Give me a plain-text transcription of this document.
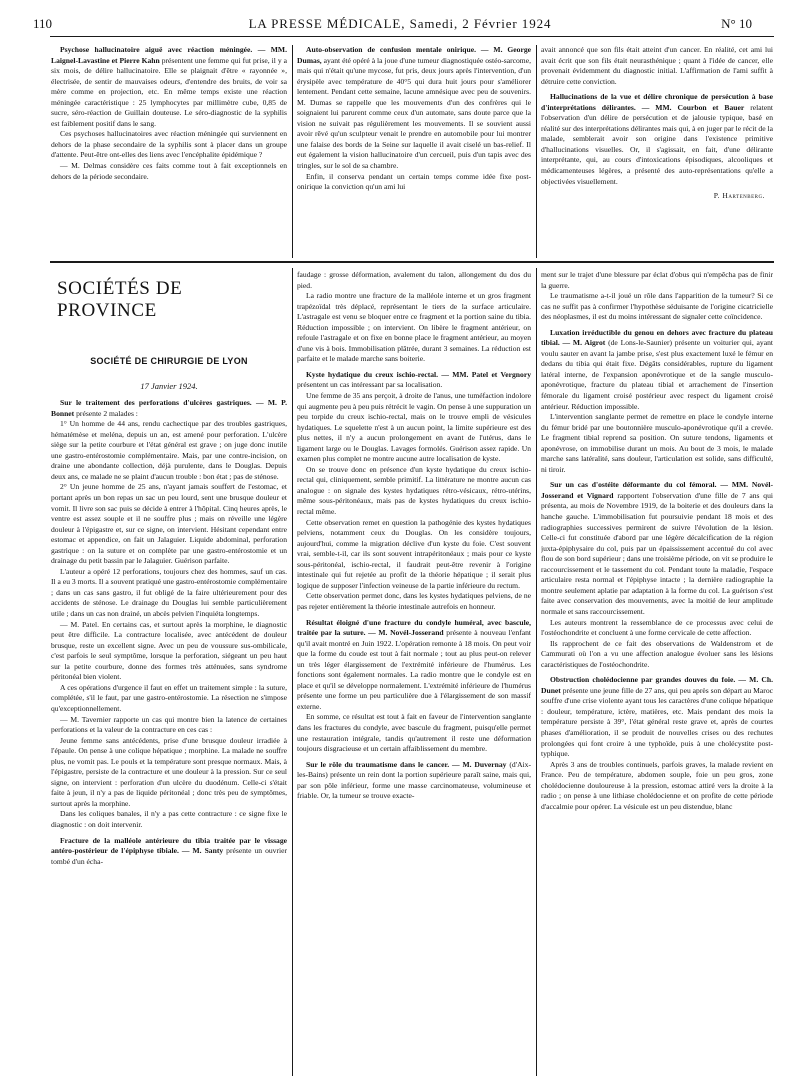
110	LA PRESSE MÉDICALE, Samedi, 2 Février 1924	N° 10

Psychose hallucinatoire aiguë avec réaction méningée. — MM. Laignel-Lavastine et Pierre Kahn présentent une femme qui fut prise, il y a six mois, de délire hallucinatoire. Elle se plaignait d'être « rayonnée », électrisée, de sentir de mauvaises odeurs, d'entendre des bruits, de voir sa mère comme en projection, etc. En même temps existe une réaction méningée caractéristique : 25 lymphocytes par millimètre cube, 0,85 de sucre, séro-réaction de Guillain douteuse. Le séro-diagnostic de la syphilis est faiblement positif dans le sang.

Ces psychoses hallucinatoires avec réaction méningée qui surviennent en dehors de la phase secondaire de la syphilis sont à placer dans un groupe d'attente. Peut-être ont-elles des liens avec l'encéphalite épidémique ?

— M. Delmas considère ces faits comme tout à fait exceptionnels en dehors de la période secondaire.

Auto-observation de confusion mentale onirique. — M. George Dumas, ayant été opéré à la joue d'une tumeur diagnostiquée ostéo-sarcome, mais qui n'était qu'une mycose, fut pris, deux jours après l'intervention, d'un érysipèle avec température de 40°5 qui dura huit jours pour s'améliorer lentement. Pendant cette semaine, lacune amnésique avec peu de souvenirs. M. Dumas se rappelle que les mouvements d'un des confrères qui le soignaient lui parurent comme ceux d'un automate, sans doute parce que la vision ne suivait pas régulièrement les mouvements. Il se souvient aussi avoir rêvé qu'un sculpteur venait le prendre en automobile pour lui montrer une falaise des bords de la Seine sur laquelle il avait ciselé un bas-relief. Il eut également la vision hallucinatoire d'un cercueil, puis d'un tapis avec des tringles, sur le sol de sa chambre.

Enfin, il conserva pendant un certain temps comme idée fixe post-onirique la conviction qu'un ami lui

avait annoncé que son fils était atteint d'un cancer. En réalité, cet ami lui avait écrit que son fils était neurasthénique ; quant à l'idée de cancer, elle provenait évidemment du diagnostic initial. L'affirmation de l'ami suffit à détruire cette conviction.

Hallucinations de la vue et délire chronique de persécution à base d'interprétations délirantes. — MM. Courbon et Bauer relatent l'observation d'un délire de persécution et de jalousie typique, basé en réalité sur des interprétations délirantes mais qui, à en juger par le récit de la malade, semblerait avoir son origine dans l'existence primitive d'hallucinations visuelles. Or, il s'agissait, en fait, d'une délirante interprétante, qui, au cours d'intoxications épisodiques, alcooliques et médicamenteuses légères, a présenté des auto-représentations qu'elle a objectivées visuellement.

P. Hartenberg.
SOCIÉTÉS DE PROVINCE
SOCIÉTÉ DE CHIRURGIE DE LYON
17 Janvier 1924.

Sur le traitement des perforations d'ulcères gastriques. — M. P. Bonnet présente 2 malades :

1° Un homme de 44 ans, rendu cachectique par des troubles gastriques, hématémèse et meléna, depuis un an, est amené pour perforation. L'ulcère siège sur la petite courbure et l'état général est grave ; on juge donc inutile une gastro-entérostomie complémentaire. Mais, par une contre-incision, on draine une abondante collection, déjà purulente, dans le Douglas. Depuis deux ans, ce malade ne se plaint d'aucun trouble : bon état ; pas de sténose.

2° Un jeune homme de 25 ans, n'ayant jamais souffert de l'estomac, et portant après un bon repas un sac un peu lourd, sent une brusque douleur et vomit. Il livre son sac puis se décide à entrer à l'hôpital. Cinq heures après, le ventre est assez souple et il ne souffre plus ; mais on réveille une légère douleur à l'épigastre et, sur ce signe, on intervient. Hésitant cependant entre estomac et appendice, on fait un Jalaguier. Liquide abdominal, perforation gastrique : on la suture et on complète par une gastro-entérostomie et un drainage du petit bassin par le Jalaguier. Guérison parfaite.

L'auteur a opéré 12 perforations, toujours chez des hommes, sauf un cas. Il a eu 3 morts. Il a souvent pratiqué une gastro-entérostomie complémentaire ; dans un cas sans gastro, il fut obligé de la faire ultérieurement pour des accidents de sténose. Le drainage du Douglas lui semble particulièrement utile ; dans un cas non drainé, un abcès pelvien l'inquiéta longtemps.

— M. Patel. En certains cas, et surtout après la morphine, le diagnostic peut être difficile. La contracture localisée, avec antécédent de douleur brusque, reste un excellent signe. Avec un peu de voussure sus-ombilicale, c'est parfois le seul symptôme, lorsque la perforation, siégeant un peu haut sur la petite courbure, donne des formes très atténuées, sans syndrome péritonéal bien violent.

A ces opérations d'urgence il faut en effet un traitement simple : la suture, complétée, s'il le faut, par une gastro-entérostomie. La résection ne s'impose qu'exceptionnellement.

— M. Tavernier rapporte un cas qui montre bien la latence de certaines perforations et la valeur de la contracture en ces cas :

Jeune femme sans antécédents, prise d'une brusque douleur irradiée à l'épaule. On pense à une colique hépatique ; morphine. La malade ne souffre plus, ne vomit pas. Le pouls et la température sont presque normaux. Mais, à l'épigastre, persiste de la contracture et une douleur à la pression. Sur ce seul signe, on intervient : perforation d'un ulcère du duodénum. Celle-ci s'était faite à jeun, il n'y a pas de liquide péritonéal ; donc très peu de symptômes, surtout après la morphine.

Dans les coliques banales, il n'y a pas cette contracture : ce signe fixe le diagnostic : on doit intervenir.

Fracture de la malléole antérieure du tibia traitée par le vissage antéro-postérieur de l'épiphyse tibiale. — M. Santy présente un ouvrier tombé d'un écha-

faudage : grosse déformation, avalement du talon, allongement du dos du pied.

La radio montre une fracture de la malléole interne et un gros fragment trapézoïdal très déplacé, représentant le tiers de la surface articulaire. L'astragale est venu se bloquer entre ce fragment et la portion saine du tibia. Réduction impossible ; on intervient. On libère le fragment antérieur, on refoule l'astragale et on fixe en bonne place le fragment antérieur, au moyen d'une vis à bois. Immobilisation plâtrée, durant 3 semaines. La réduction est parfaite et le malade marche sans boiterie.

Kyste hydatique du creux ischio-rectal. — MM. Patel et Vergnory présentent un cas intéressant par sa localisation.

Une femme de 35 ans perçoit, à droite de l'anus, une tuméfaction indolore qui augmente peu à peu puis rétrécit le vagin. On pense à une suppuration un peu torpide du creux ischio-rectal, mais on le trouve empli de vésicules hydatiques. Le squelette n'est à un aucun point, la limite supérieure est des plus nettes, il n'y a aucun prolongement en avant de l'utérus, dans le ligament large ou le Douglas. Lavages formolés. Guérison assez rapide. Un examen plus complet ne montre aucune autre localisation de kyste.

On se trouve donc en présence d'un kyste hydatique du creux ischio-rectal qui, cliniquement, semble primitif. La littérature ne montre aucun cas analogue : on signale des kystes hydatiques rétro-vésicaux, rétro-utérins, même sous-péritonéaux, mais pas de kystes hydatiques du creux ischio-rectal même.

Cette observation remet en question la pathogénie des kystes hydatiques pelviens, notamment ceux du Douglas. On les considère toujours, aujourd'hui, comme la migration déclive d'un kyste du foie. C'est souvent vrai, semble-t-il, car ils sont souvent intrapéritonéaux ; mais pour ce kyste sous-péritonéal, ischio-rectal, il faudrait peut-être revenir à l'origine intestinale qui fut rejetée au profit de la théorie hépatique ; il serait plus logique de supposer l'infection veineuse de la partie inférieure du rectum.

Cette observation permet donc, dans les kystes hydatiques pelviens, de ne pas rejeter entièrement la théorie intestinale autrefois en honneur.

Résultat éloigné d'une fracture du condyle huméral, avec bascule, traitée par la suture. — M. Novél-Josserand présente à nouveau l'enfant qu'il avait montré en Juin 1922. L'opération remonte à 18 mois. On peut voir que la forme du coude est tout à fait normale ; tout au plus peut-on relever un très léger élargissement de l'extrémité inférieure de l'humérus. Les fonctions sont également normales. La radio montre que le condyle est en place et qu'il se développe normalement. L'extrémité inférieure de l'humérus présente une forme un peu particulière due à l'élargissement de son massif externe.

En somme, ce résultat est tout à fait en faveur de l'intervention sanglante dans les fractures du condyle, avec bascule du fragment, puisqu'elle permet une restauration intégrale, tandis qu'autrement il reste une déformation toujours disgracieuse et un certain affaiblissement du membre.

Sur le rôle du traumatisme dans le cancer. — M. Duvernay (d'Aix-les-Bains) présente un rein dont la portion supérieure paraît saine, mais qui, par son pôle inférieur, forme une masse carcinomateuse, volumineuse et friable. Or, la tumeur se trouve exacte-

ment sur le trajet d'une blessure par éclat d'obus qui n'empêcha pas de finir la guerre.

Le traumatisme a-t-il joué un rôle dans l'apparition de la tumeur? Si ce cas ne suffit pas à confirmer l'hypothèse séduisante de l'origine cicatricielle des néoplasmes, il est du moins intéressant de signaler cette coïncidence.

Luxation irréductible du genou en dehors avec fracture du plateau tibial. — M. Aigrot (de Lons-le-Saunier) présente un voiturier qui, ayant voulu sauter en avant la jambe prise, s'est plus exactement luxé le fémur en dedans du tibia qui était fixe. Dégâts considérables, rupture du ligament latéral interne, de l'expansion aponévrotique et de la sangle musculo-aponévrotique, fracture du plateau tibial et arrachement de l'insertion fémorale du ligament croisé postérieur avec respect du ligament croisé antérieur. Réduction impossible.

L'intervention sanglante permet de remettre en place le condyle interne du fémur bridé par une boutonnière musculo-aponévrotique qu'il a crevée. Le fragment tibial reprend sa position. On suture tendons, ligaments et aponévrose, on immobilise durant un mois. Au bout de 3 mois, le malade marche sans latéralité, sans douleur, l'articulation est solide, sans difficulté, ni tiroir.

Sur un cas d'ostéite déformante du col fémoral. — MM. Novél-Josserand et Vignard rapportent l'observation d'une fille de 7 ans qui présenta, au mois de Novembre 1919, de la boiterie et des douleurs dans la hanche gauche. L'immobilisation fut poursuivie pendant 18 mois et des radiographies successives permirent de suivre l'évolution de la lésion. Celle-ci fut constituée d'abord par une légère décalcification de la région juxta-épiphysaire du col, puis par un épaississement accentué du col avec flou de son bord supérieur ; dans une troisième période, on vit se produire le raccourcissement et le tassement du col. Pendant toute la maladie, l'espace articulaire resta normal et l'épiphyse intacte ; la dernière radiographie la montre seulement aplatie par adaptation à la forme du col. La guérison s'est faite avec conservation des mouvements, avec la moitié de leur amplitude normale et sans raccourcissement.

Les auteurs montrent la ressemblance de ce processus avec celui de l'ostéochondrite et concluent à une forme cervicale de cette affection.

Ils rapprochent de ce fait des observations de Waldenstrom et de Cammurati où l'on a vu une affection analogue évoluer sans les lésions caractéristiques de l'ostéochondrite.

Obstruction cholédocienne par grandes douves du foie. — M. Ch. Dunet présente une jeune fille de 27 ans, qui peu après son départ au Maroc souffre d'une crise violente ayant tous les caractères d'une colique hépatique : douleur, température, ictère, matières, etc. Mais pendant des mois la température persiste à 39°, l'état général reste grave et, après de courtes phases d'amélioration, il se produit de nouvelles crises ou des rechutes prolongées qui font croire à une typhoïde, puis à une cholécystite post-typhique.

Après 3 ans de troubles continuels, parfois graves, la malade revient en France. Peu de température, abdomen souple, foie un peu gros, zone cholédocienne douloureuse à la pression, estomac attiré vers la droite à la radio ; on pense à une lithiase cholédocienne et on profite de cette période d'accalmie pour opérer. La vésicule est un peu distendue, blanc
